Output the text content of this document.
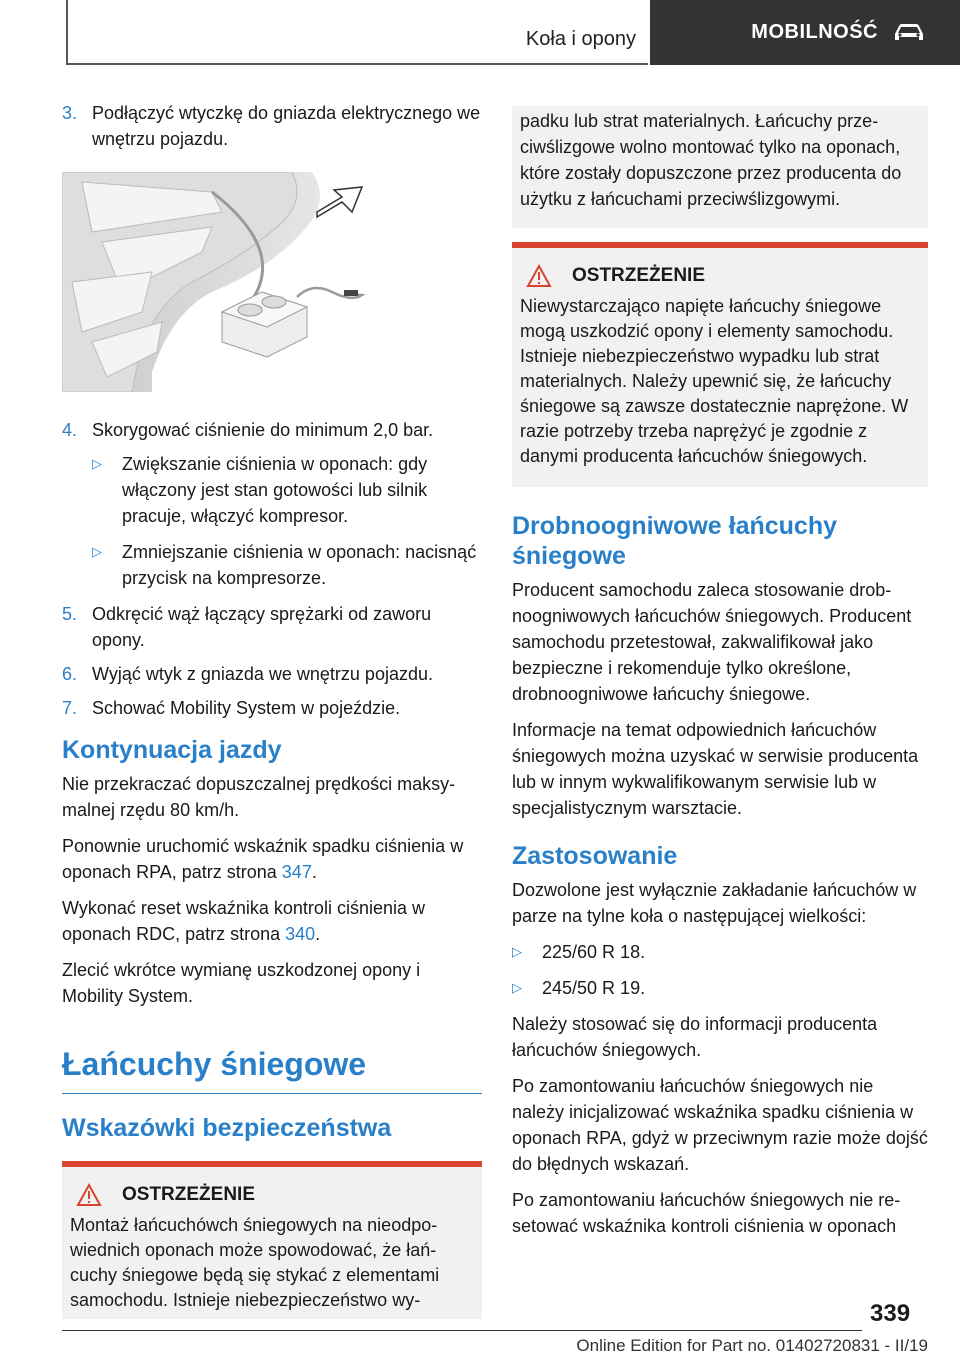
Koła i opony	MOBILNOŚĆ
3. Podłączyć wtyczkę do gniazda elektrycznego we wnętrzu pojazdu.
4. Skorygować ciśnienie do minimum 2,0 bar.
▷	Zwiększanie ciśnienia w oponach: gdy włączony jest stan gotowości lub silnik pracuje, włączyć kompresor.
▷	Zmniejszanie ciśnienia w oponach: nacisnąć przycisk na kompresorze.
5. Odkręcić wąż łączący sprężarki od zaworu opony.
6. Wyjąć wtyk z gniazda we wnętrzu pojazdu.
7. Schować Mobility System w pojeździe.
Kontynuacja jazdy
Nie przekraczać dopuszczalnej prędkości maksymalnej rzędu 80 km/h.
Ponownie uruchomić wskaźnik spadku ciśnienia w oponach RPA, patrz strona 347.
Wykonać reset wskaźnika kontroli ciśnienia w oponach RDC, patrz strona 340.
Zlecić wkrótce wymianę uszkodzonej opony i Mobility System.
Łańcuchy śniegowe
Wskazówki bezpieczeństwa
OSTRZEŻENIE
Montaż łańcuchówch śniegowych na nieodpowiednich oponach może spowodować, że łańcuchy śniegowe będą się stykać z elementami samochodu. Istnieje niebezpieczeństwo wy-
padku lub strat materialnych. Łańcuchy przeciwślizgowe wolno montować tylko na oponach, które zostały dopuszczone przez producenta do użytku z łańcuchami przeciwślizgowymi.
OSTRZEŻENIE
Niewystarczająco napięte łańcuchy śniegowe mogą uszkodzić opony i elementy samochodu. Istnieje niebezpieczeństwo wypadku lub strat materialnych. Należy upewnić się, że łańcuchy śniegowe są zawsze dostatecznie naprężone. W razie potrzeby trzeba naprężyć je zgodnie z danymi producenta łańcuchów śniegowych.
Drobnoogniwowe łańcuchy śniegowe
Producent samochodu zaleca stosowanie drobnoogniwowych łańcuchów śniegowych. Producent samochodu przetestował, zakwalifikował jako bezpieczne i rekomenduje tylko określone, drobnoogniwowe łańcuchy śniegowe.
Informacje na temat odpowiednich łańcuchów śniegowych można uzyskać w serwisie producenta lub w innym wykwalifikowanym serwisie lub w specjalistycznym warsztacie.
Zastosowanie
Dozwolone jest wyłącznie zakładanie łańcuchów w parze na tylne koła o następującej wielkości:
▷	225/60 R 18.
▷	245/50 R 19.
Należy stosować się do informacji producenta łańcuchów śniegowych.
Po zamontowaniu łańcuchów śniegowych nie należy inicjalizować wskaźnika spadku ciśnienia w oponach RPA, gdyż w przeciwnym razie może dojść do błędnych wskazań.
Po zamontowaniu łańcuchów śniegowych nie resetować wskaźnika kontroli ciśnienia w oponach
339
Online Edition for Part no. 01402720831 - II/19
